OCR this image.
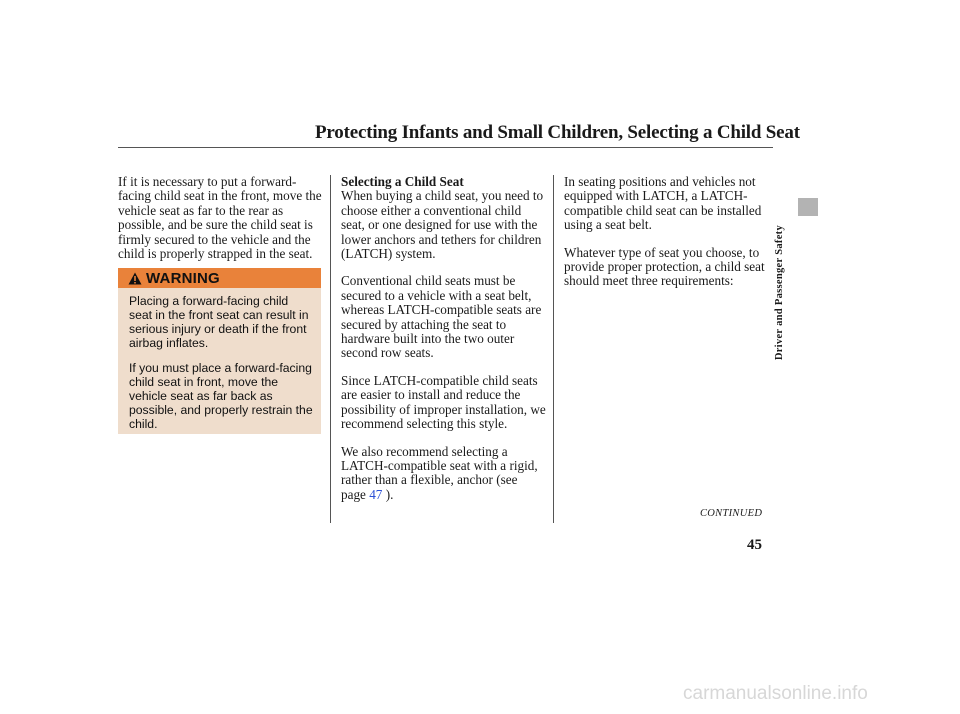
Protecting Infants and Small Children, Selecting a Child Seat

If it is necessary to put a forward-facing child seat in the front, move the vehicle seat as far to the rear as possible, and be sure the child seat is firmly secured to the vehicle and the child is properly strapped in the seat.

WARNING

Placing a forward-facing child seat in the front seat can result in serious injury or death if the front airbag inflates.

If you must place a forward-facing child seat in front, move the vehicle seat as far back as possible, and properly restrain the child.

Selecting a Child Seat

When buying a child seat, you need to choose either a conventional child seat, or one designed for use with the lower anchors and tethers for children (LATCH) system.

Conventional child seats must be secured to a vehicle with a seat belt, whereas LATCH-compatible seats are secured by attaching the seat to hardware built into the two outer second row seats.

Since LATCH-compatible child seats are easier to install and reduce the possibility of improper installation, we recommend selecting this style.

We also recommend selecting a LATCH-compatible seat with a rigid, rather than a flexible, anchor (see page 47 ).

In seating positions and vehicles not equipped with LATCH, a LATCH-compatible child seat can be installed using a seat belt.

Whatever type of seat you choose, to provide proper protection, a child seat should meet three requirements:	Driver and Passenger Safety
CONTINUED
45
carmanualsonline.info
